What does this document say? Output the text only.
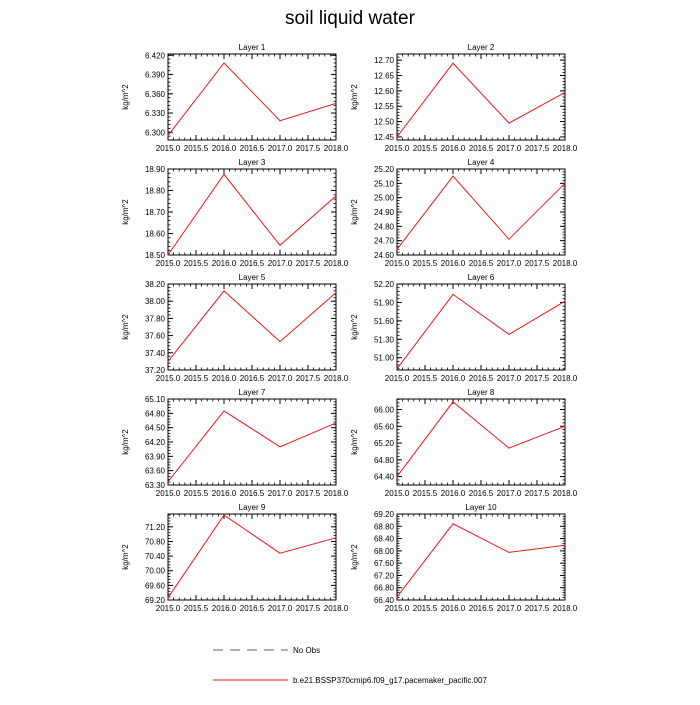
soil liquid water
Layer 1
kg/m^2
6.300
6.330
6.360
6.390
6.420
2015.0 2015.5 2016.0 2016.5 2017.0 2017.5 2018.0
Layer 2
kg/m^2
12.45
12.50
12.55
12.60
12.65
12.70
2015.0 2015.5 2016.0 2016.5 2017.0 2017.5 2018.0
Layer 3
kg/m^2
18.50
18.60
18.70
18.80
18.90
2015.0 2015.5 2016.0 2016.5 2017.0 2017.5 2018.0
Layer 4
kg/m^2
24.60
24.70
24.80
24.90
25.00
25.10
25.20
2015.0 2015.5 2016.0 2016.5 2017.0 2017.5 2018.0
Layer 5
kg/m^2
37.20
37.40
37.60
37.80
38.00
38.20
2015.0 2015.5 2016.0 2016.5 2017.0 2017.5 2018.0
Layer 6
kg/m^2
51.00
51.30
51.60
51.90
52.20
2015.0 2015.5 2016.0 2016.5 2017.0 2017.5 2018.0
Layer 7
kg/m^2
63.30
63.60
63.90
64.20
64.50
64.80
65.10
2015.0 2015.5 2016.0 2016.5 2017.0 2017.5 2018.0
Layer 8
kg/m^2
64.40
64.80
65.20
65.60
66.00
2015.0 2015.5 2016.0 2016.5 2017.0 2017.5 2018.0
Layer 9
kg/m^2
69.20
69.60
70.00
70.40
70.80
71.20
2015.0 2015.5 2016.0 2016.5 2017.0 2017.5 2018.0
Layer 10
kg/m^2
66.40
66.80
67.20
67.60
68.00
68.40
68.80
69.20
2015.0 2015.5 2016.0 2016.5 2017.0 2017.5 2018.0
No Obs
b.e21.BSSP370cmip6.f09_g17.pacemaker_pacific.007
